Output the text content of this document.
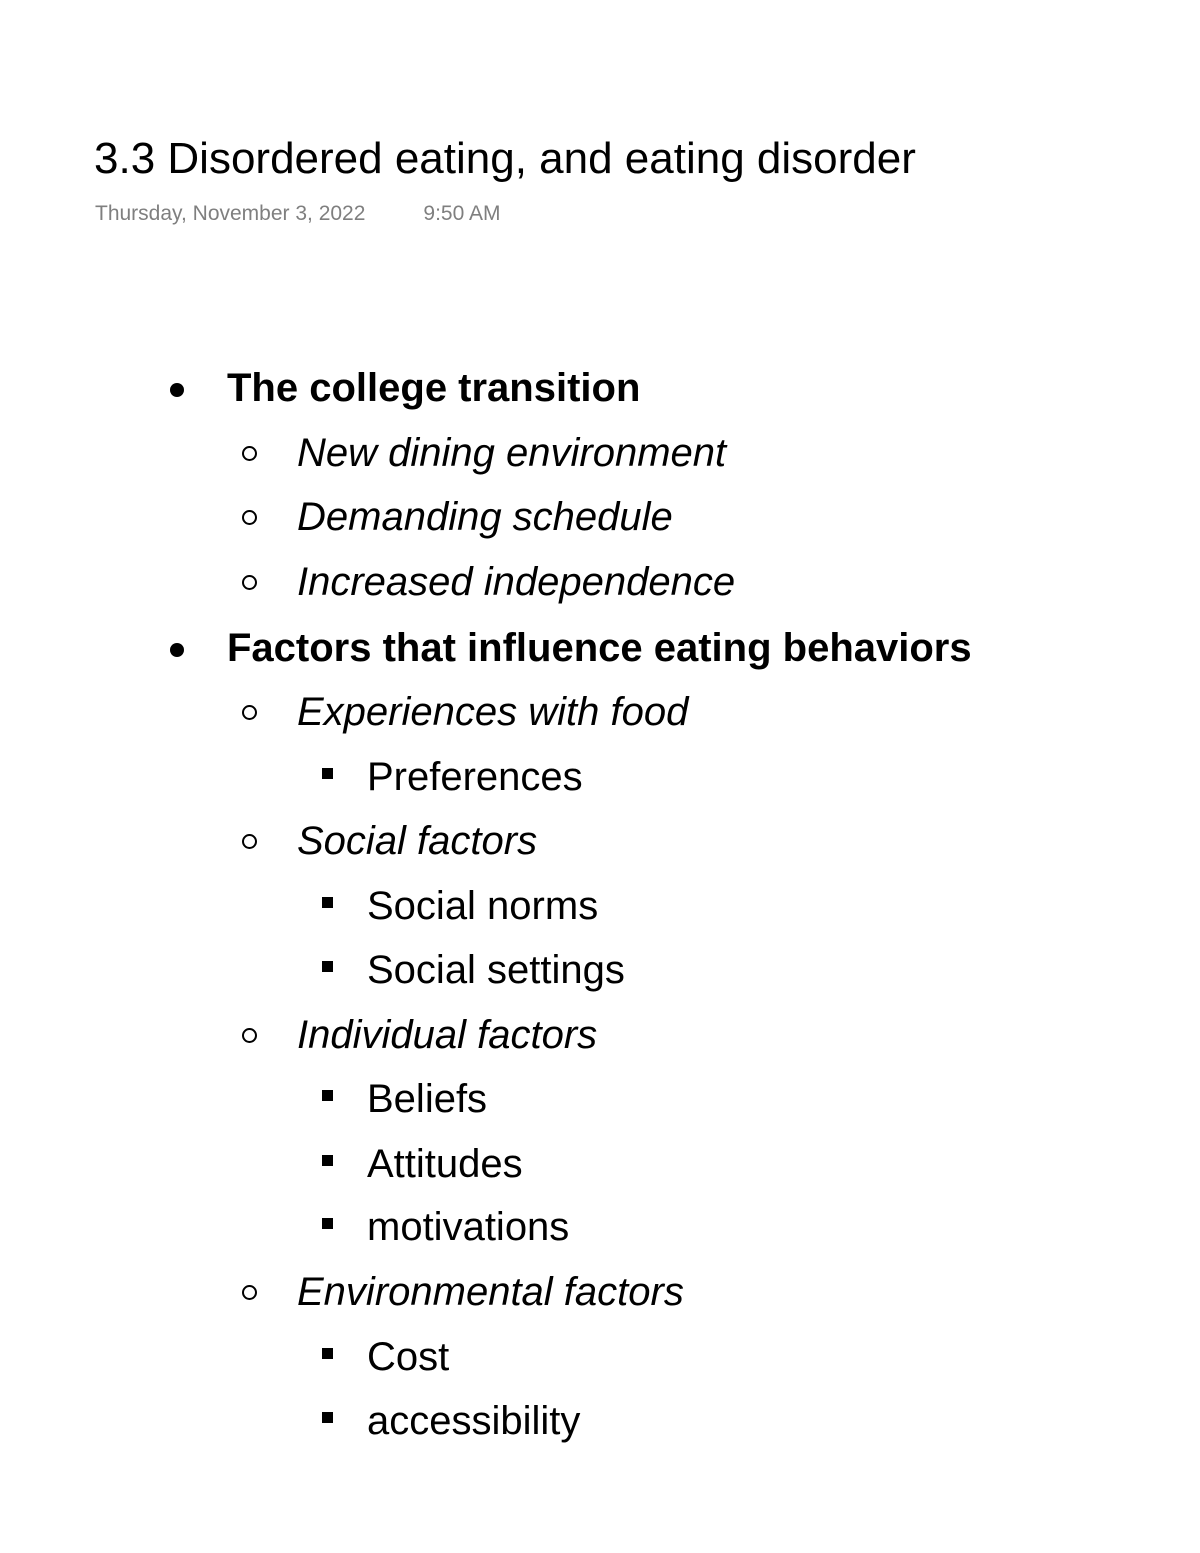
3.3 Disordered eating, and eating disorder
Thursday, November 3, 2022	9:50 AM
The college transition
New dining environment
Demanding schedule
Increased independence
Factors that influence eating behaviors
Experiences with food
Preferences
Social factors
Social norms
Social settings
Individual factors
Beliefs
Attitudes
motivations
Environmental factors
Cost
accessibility
